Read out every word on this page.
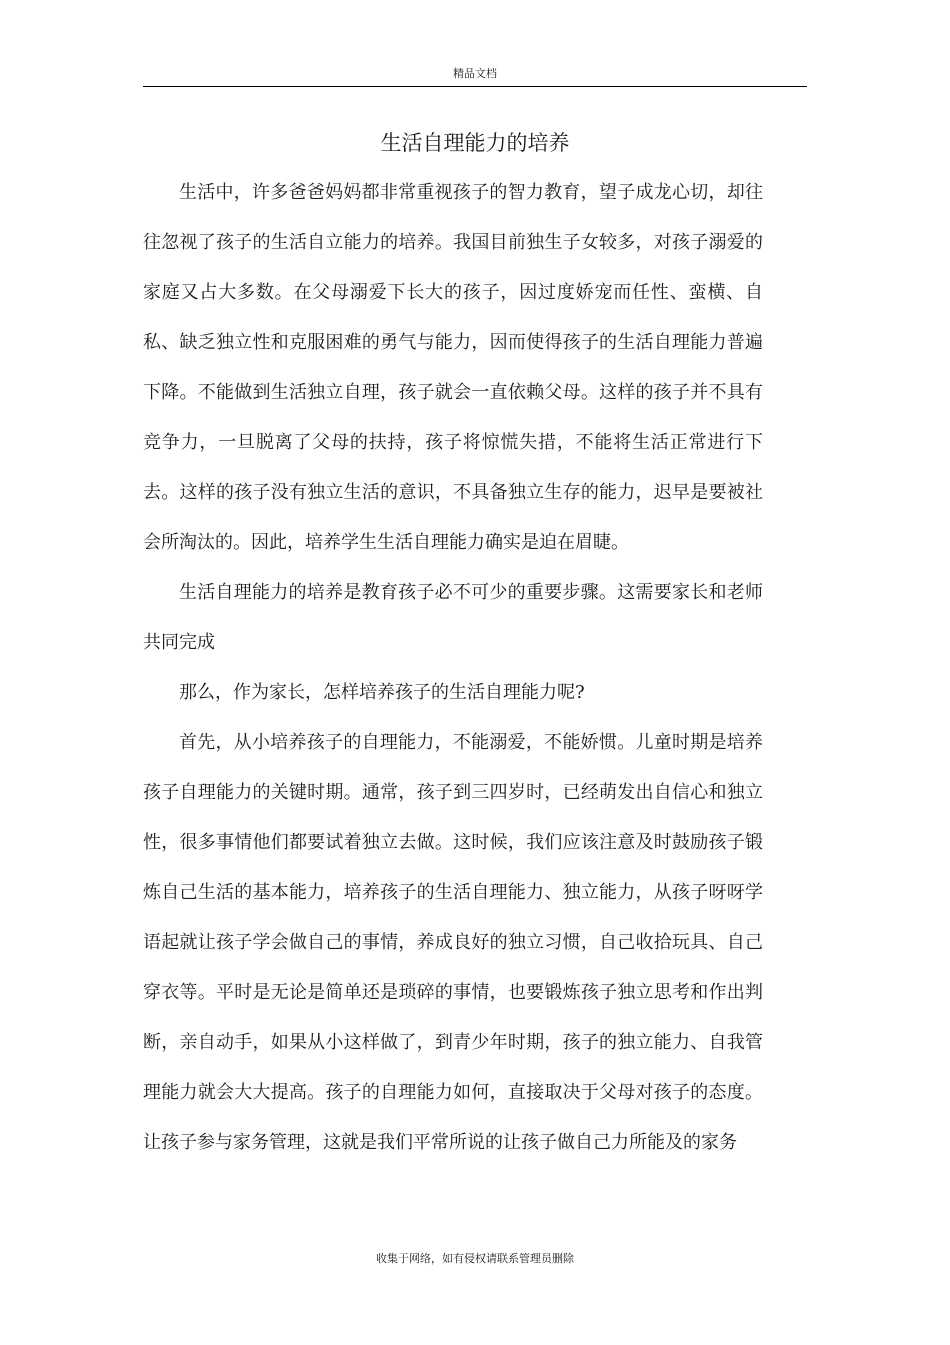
精品文档
生活自理能力的培养

生活中，许多爸爸妈妈都非常重视孩子的智力教育，望子成龙心切，却往往忽视了孩子的生活自立能力的培养。我国目前独生子女较多，对孩子溺爱的家庭又占大多数。在父母溺爱下长大的孩子，因过度娇宠而任性、蛮横、自私、缺乏独立性和克服困难的勇气与能力，因而使得孩子的生活自理能力普遍下降。不能做到生活独立自理，孩子就会一直依赖父母。这样的孩子并不具有竞争力，一旦脱离了父母的扶持，孩子将惊慌失措，不能将生活正常进行下去。这样的孩子没有独立生活的意识，不具备独立生存的能力，迟早是要被社会所淘汰的。因此，培养学生生活自理能力确实是迫在眉睫。

生活自理能力的培养是教育孩子必不可少的重要步骤。这需要家长和老师共同完成

那么，作为家长，怎样培养孩子的生活自理能力呢?

首先，从小培养孩子的自理能力，不能溺爱，不能娇惯。儿童时期是培养孩子自理能力的关键时期。通常，孩子到三四岁时，已经萌发出自信心和独立性，很多事情他们都要试着独立去做。这时候，我们应该注意及时鼓励孩子锻炼自己生活的基本能力，培养孩子的生活自理能力、独立能力，从孩子呀呀学语起就让孩子学会做自己的事情，养成良好的独立习惯，自己收拾玩具、自己穿衣等。平时是无论是简单还是琐碎的事情，也要锻炼孩子独立思考和作出判断，亲自动手，如果从小这样做了，到青少年时期，孩子的独立能力、自我管理能力就会大大提高。孩子的自理能力如何，直接取决于父母对孩子的态度。让孩子参与家务管理，这就是我们平常所说的让孩子做自己力所能及的家务

收集于网络，如有侵权请联系管理员删除
